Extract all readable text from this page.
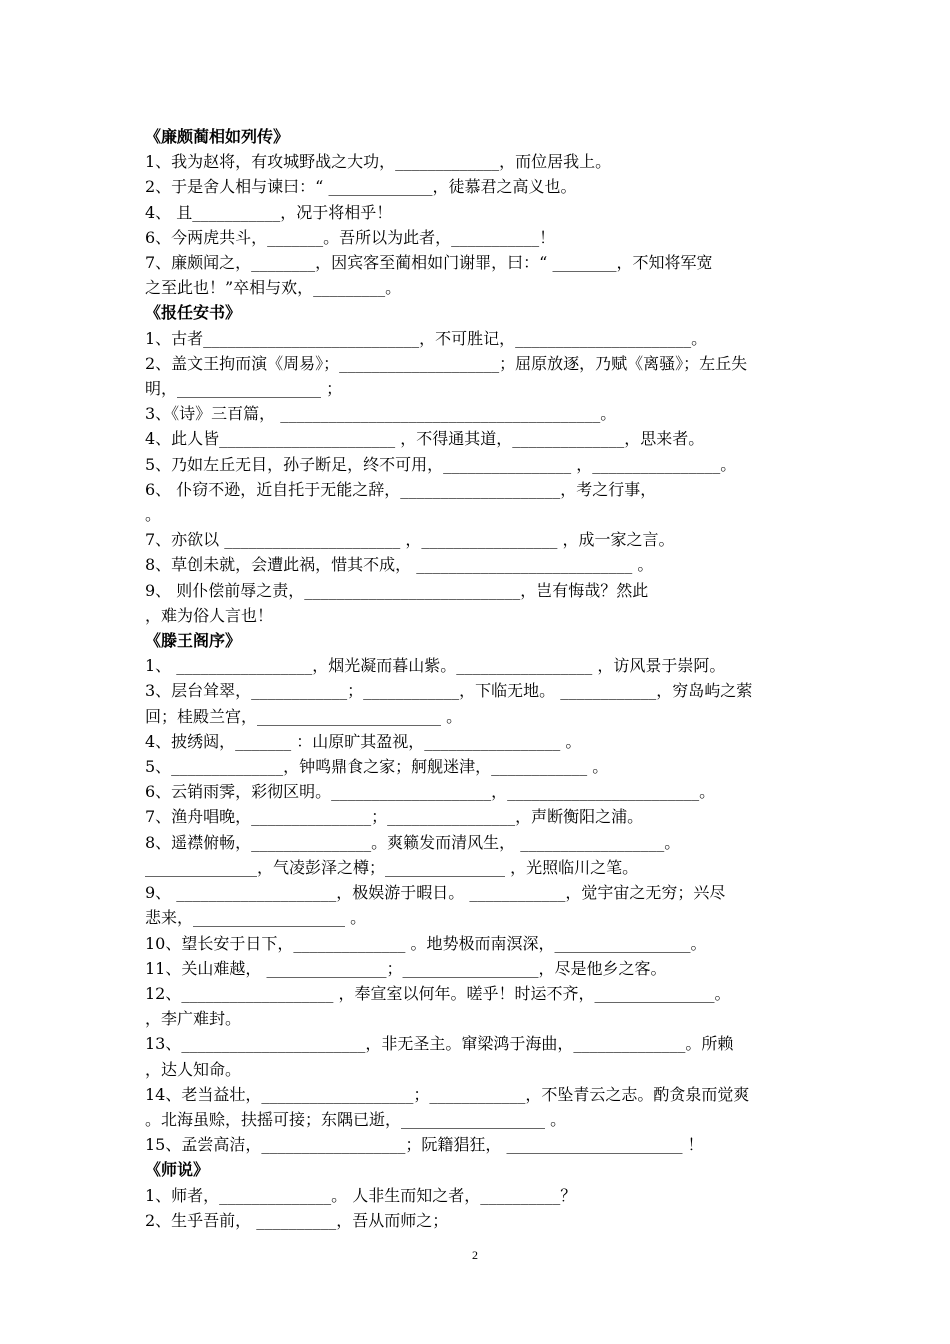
《廉颇蔺相如列传》
1、我为赵将，有攻城野战之大功，_____________，而位居我上。
2、于是舍人相与谏曰：“ _____________，徒慕君之高义也。
4、 且___________，况于将相乎！
6、今两虎共斗，_______。吾所以为此者，___________！
7、廉颇闻之，________，因宾客至蔺相如门谢罪，曰：“ ________，不知将军宽
之至此也！”卒相与欢，_________。
《报任安书》
1、古者___________________________，不可胜记，______________________。
2、盖文王拘而演《周易》；____________________；屈原放逐，乃赋《离骚》；左丘失
明，__________________ ；
3、《诗》三百篇， ________________________________________。
4、此人皆______________________ ，不得通其道，______________，思来者。
5、乃如左丘无目，孙子断足，终不可用，________________ ，________________。
6、 仆窃不逊，近自托于无能之辞，____________________，考之行事，
。
7、亦欲以 ______________________ ，_________________ ，成一家之言。
8、草创未就，会遭此祸，惜其不成， ___________________________ 。
9、 则仆偿前辱之责，___________________________，岂有悔哉？然此
，难为俗人言也！
《滕王阁序》
1、 _________________，烟光凝而暮山紫。_________________ ，访风景于崇阿。
3、层台耸翠，____________；____________，下临无地。 ____________，穷岛屿之萦
回；桂殿兰宫，_______________________ 。
4、披绣闼，_______ ：山原旷其盈视，_________________ 。
5、______________，钟鸣鼎食之家；舸舰迷津，____________ 。
6、云销雨霁，彩彻区明。____________________，________________________。
7、渔舟唱晚，_______________；________________，声断衡阳之浦。
8、遥襟俯畅，_______________。爽籁发而清风生， __________________。
______________，气凌彭泽之樽；_______________ ，光照临川之笔。
9、 ____________________，极娱游于暇日。 ____________，觉宇宙之无穷；兴尽
悲来，___________________ 。
10、望长安于日下，______________ 。地势极而南溟深，_________________。
11、关山难越， _______________；_________________，尽是他乡之客。
12、___________________ ，奉宣室以何年。嗟乎！时运不齐，_______________。
，李广难封。
13、_______________________，非无圣主。窜梁鸿于海曲，______________。所赖
，达人知命。
14、老当益壮，___________________；____________，不坠青云之志。酌贪泉而觉爽
。北海虽赊，扶摇可接；东隅已逝，__________________ 。
15、孟尝高洁，__________________；阮籍猖狂， ______________________ ！
《师说》
1、师者，______________。 人非生而知之者，__________？
2、生乎吾前， __________，吾从而师之；
2
